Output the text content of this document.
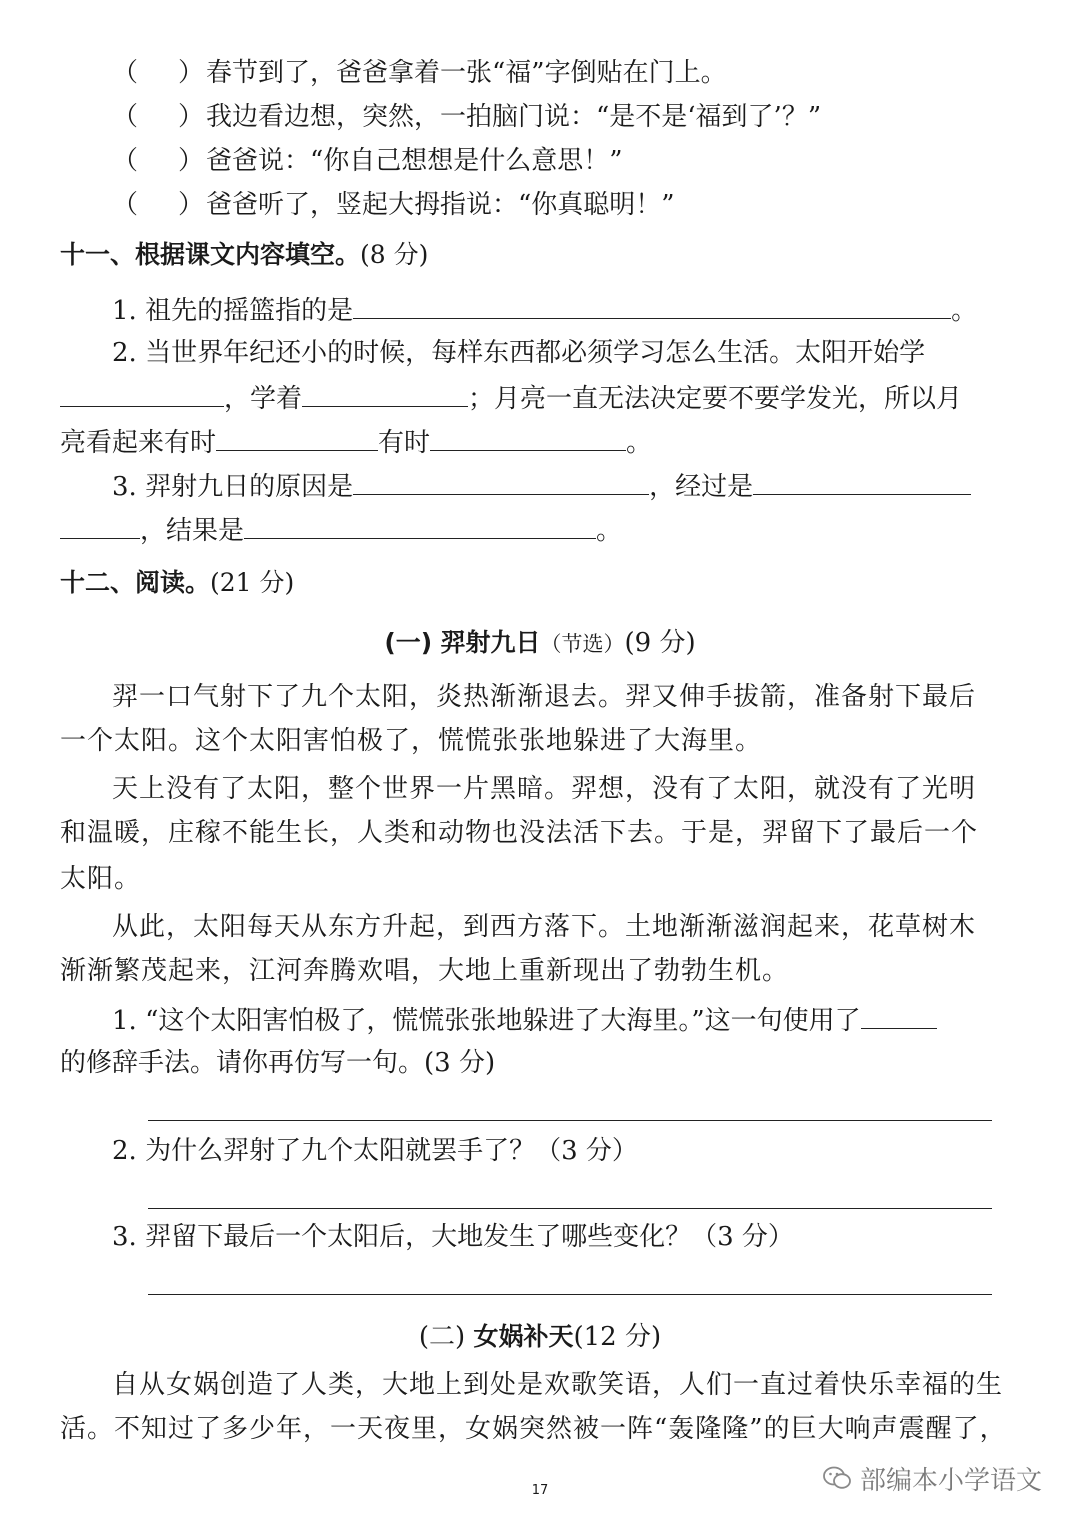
（ ） 春节到了，爸爸拿着一张“福”字倒贴在门上。
（ ） 我边看边想，突然，一拍脑门说：“是不是‘福到了’？”
（ ） 爸爸说：“你自己想想是什么意思！”
（ ） 爸爸听了，竖起大拇指说：“你真聪明！”
十一、根据课文内容填空。(8 分)
1. 祖先的摇篮指的是	。
2. 当世界年纪还小的时候，每样东西都必须学习怎么生活。太阳开始学
，学着	；月亮一直无法决定要不要学发光，所以月
亮看起来有时	有时	。
3. 羿射九日的原因是	，经过是
，结果是	。
十二、阅读。(21 分)
(一) 羿射九日（节选）(9 分)
羿一口气射下了九个太阳，炎热渐渐退去。羿又伸手拔箭，准备射下最后
一个太阳。这个太阳害怕极了，慌慌张张地躲进了大海里。
天上没有了太阳，整个世界一片黑暗。羿想，没有了太阳，就没有了光明
和温暖，庄稼不能生长，人类和动物也没法活下去。于是，羿留下了最后一个
太阳。
从此，太阳每天从东方升起，到西方落下。土地渐渐滋润起来，花草树木
渐渐繁茂起来，江河奔腾欢唱，大地上重新现出了勃勃生机。
1. “这个太阳害怕极了，慌慌张张地躲进了大海里。”这一句使用了
的修辞手法。请你再仿写一句。(3 分)
2. 为什么羿射了九个太阳就罢手了？（3 分）
3. 羿留下最后一个太阳后，大地发生了哪些变化？（3 分）
(二) 女娲补天(12 分)
自从女娲创造了人类，大地上到处是欢歌笑语，人们一直过着快乐幸福的生
活。不知过了多少年，一天夜里，女娲突然被一阵“轰隆隆”的巨大响声震醒了，
17	部编本小学语文
